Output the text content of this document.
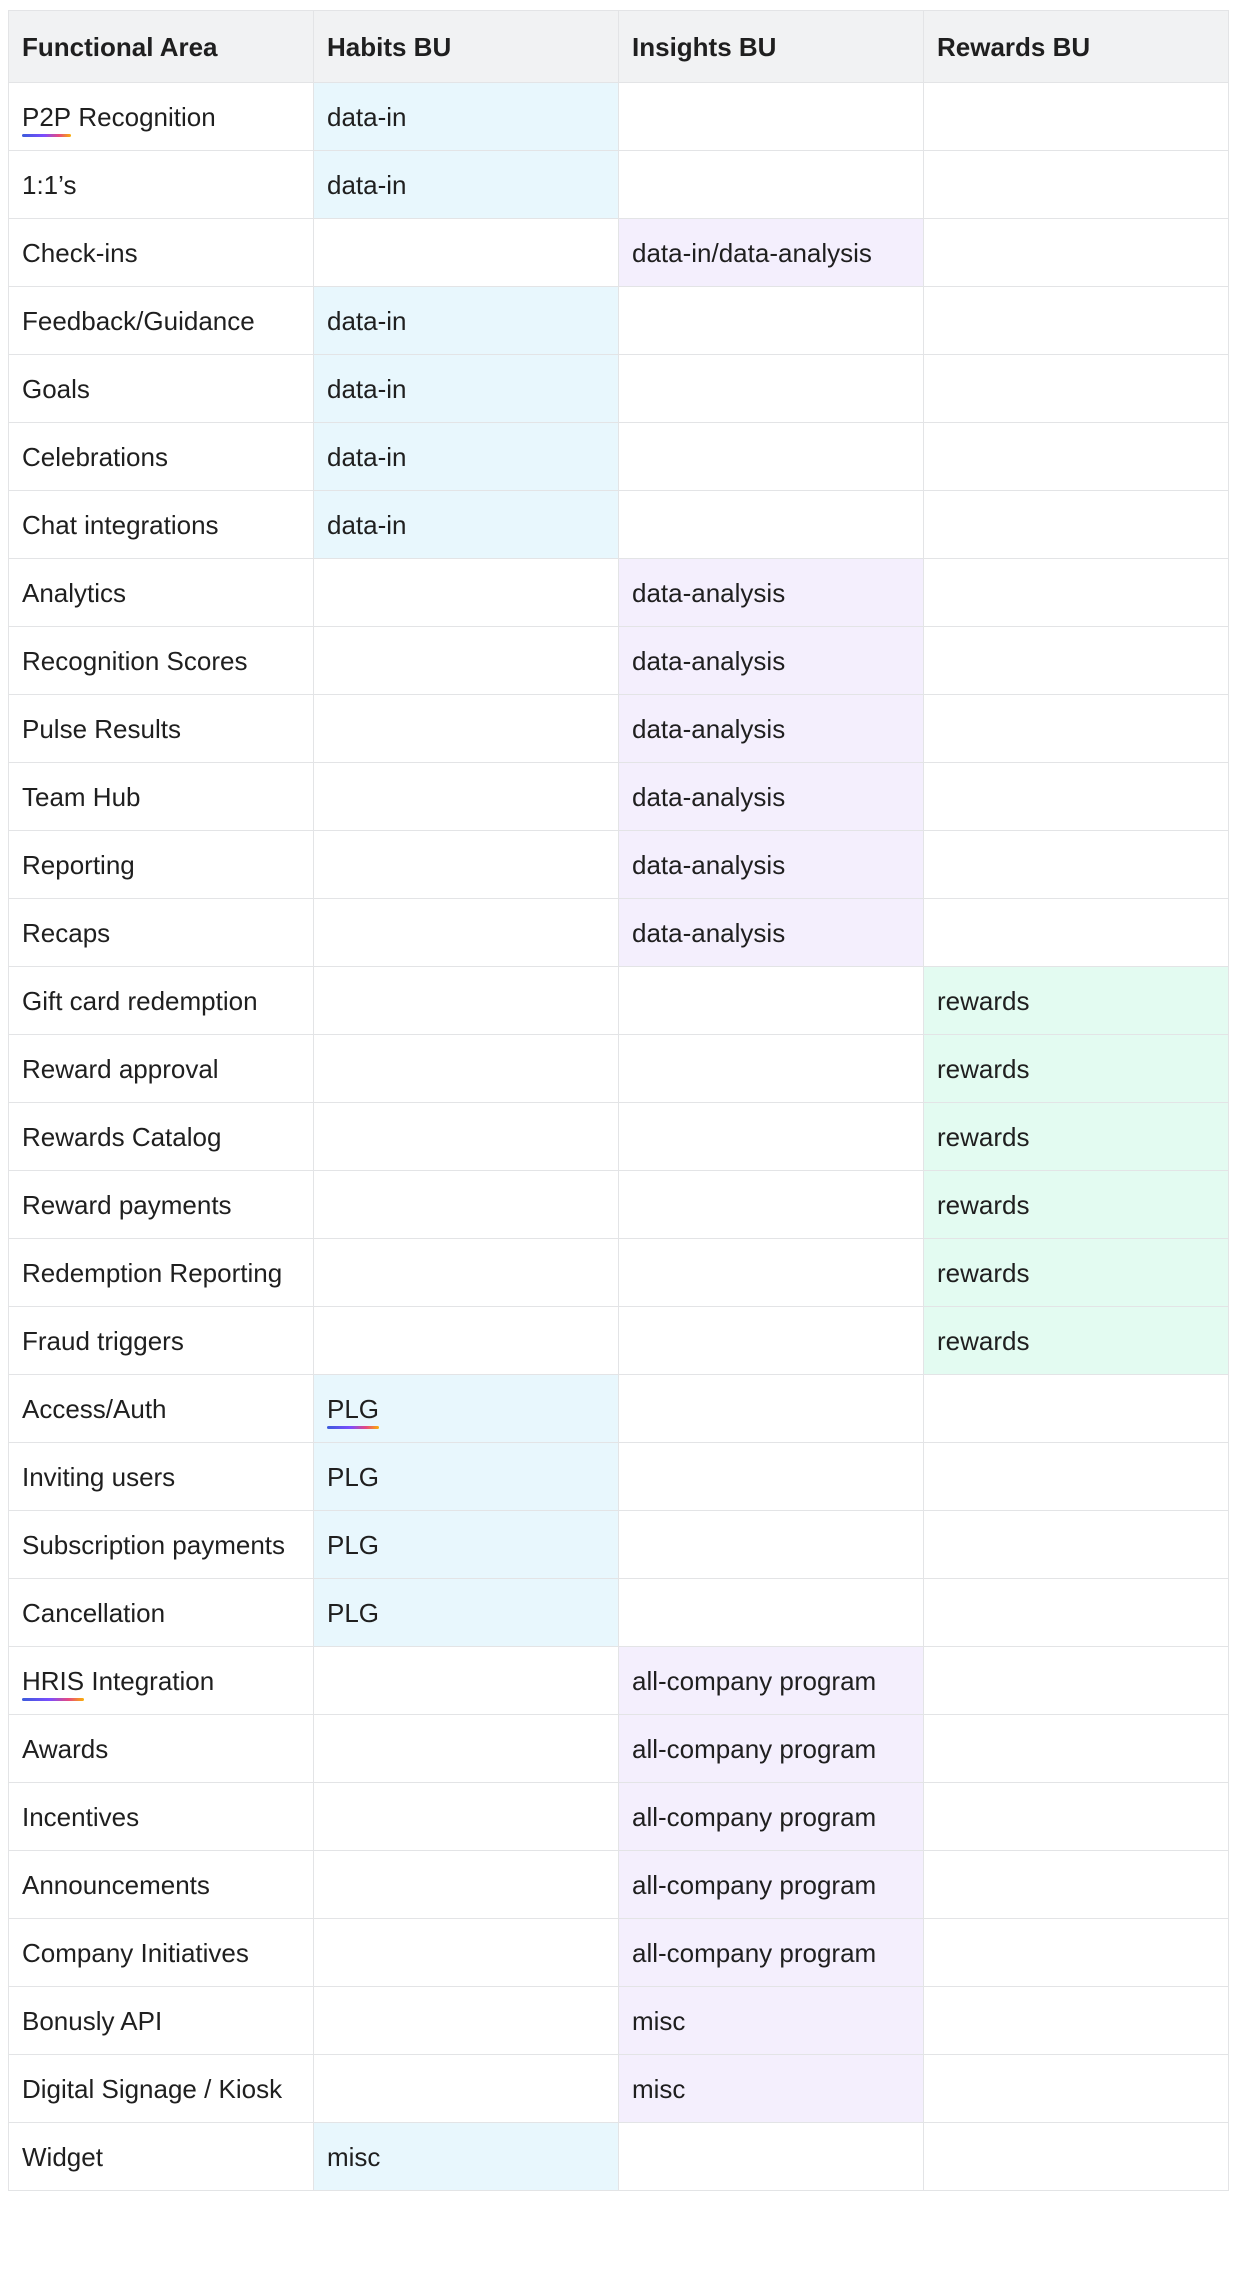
Functional Area	Habits BU	Insights BU	Rewards BU
P2P Recognition	data-in		
1:1’s	data-in		
Check-ins		data-in/data-analysis	
Feedback/Guidance	data-in		
Goals	data-in		
Celebrations	data-in		
Chat integrations	data-in		
Analytics		data-analysis	
Recognition Scores		data-analysis	
Pulse Results		data-analysis	
Team Hub		data-analysis	
Reporting		data-analysis	
Recaps		data-analysis	
Gift card redemption			rewards
Reward approval			rewards
Rewards Catalog			rewards
Reward payments			rewards
Redemption Reporting			rewards
Fraud triggers			rewards
Access/Auth	PLG		
Inviting users	PLG		
Subscription payments	PLG		
Cancellation	PLG		
HRIS Integration		all-company program	
Awards		all-company program	
Incentives		all-company program	
Announcements		all-company program	
Company Initiatives		all-company program	
Bonusly API		misc	
Digital Signage / Kiosk		misc	
Widget	misc		
